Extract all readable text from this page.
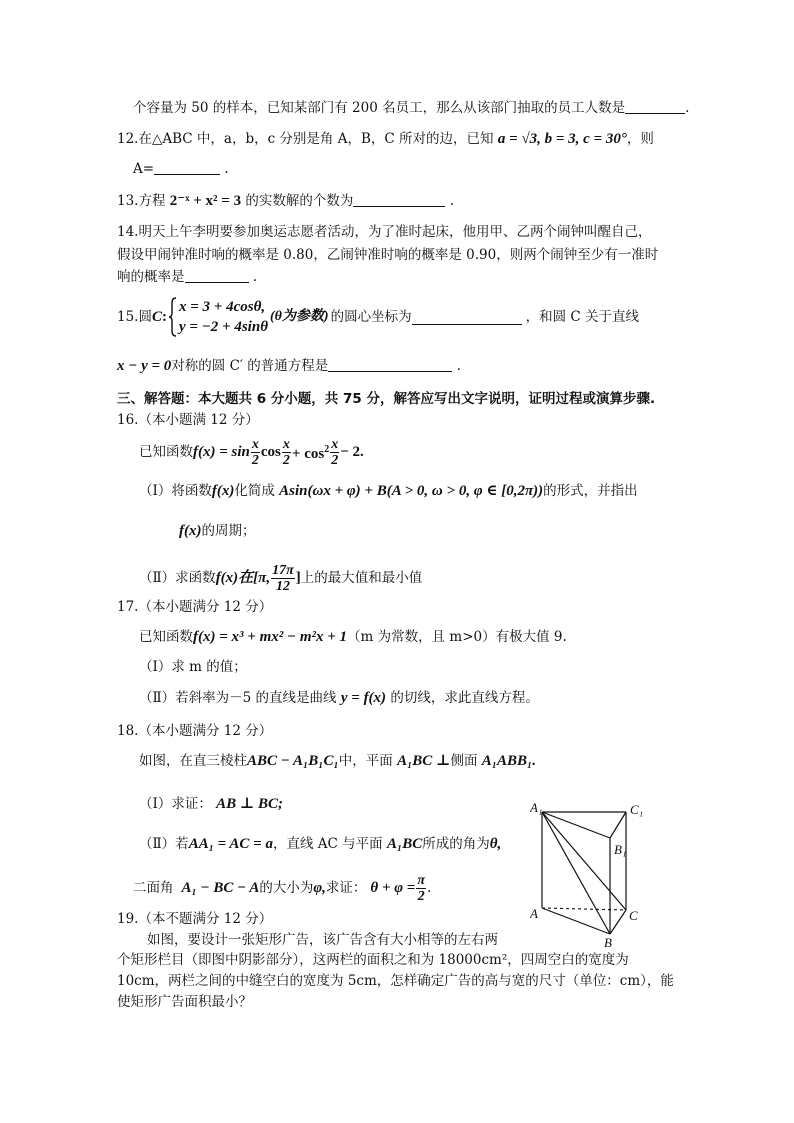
个容量为 50 的样本，已知某部门有 200 名员工，那么从该部门抽取的员工人数是	.
12.在△ABC 中，a，b，c 分别是角 A，B，C 所对的边，已知 a = √3, b = 3, c = 30°，则
A=	.
13.方程 2⁻ˣ + x² = 3 的实数解的个数为	.
14.明天上午李明要参加奥运志愿者活动，为了准时起床，他用甲、乙两个闹钟叫醒自己，
假设甲闹钟准时响的概率是 0.80，乙闹钟准时响的概率是 0.90，则两个闹钟至少有一准时
响的概率是	.
15.圆 C :
x = 3 + 4cosθ,
y = −2 + 4sinθ
(θ为参数) 的圆心坐标为	，和圆 C 关于直线
x − y = 0对称的圆 C′ 的普通方程是	.
三、解答题：本大题共 6 分小题，共 75 分，解答应写出文字说明，证明过程或演算步骤.
16.（本小题满 12 分）
已知函数 $f(x) = \sin \frac{x}{2}$ $\cos \frac{x}{2} + \cos^2 \frac{x}{2} - 2$.
（Ⅰ）将函数f(x)化简成 Asin(ωx + φ) + B(A > 0, ω > 0, φ ∈ [0,2π))的形式，并指出
f(x)的周期；
（Ⅱ）求函数 f(x)在[π, $\frac{17\pi}{12}$ ] 上的最大值和最小值
17.（本小题满分 12 分）
已知函数f(x) = x³ + mx² − m²x + 1（m 为常数，且 m>0）有极大值 9.
（Ⅰ）求 m 的值；
（Ⅱ）若斜率为－5 的直线是曲线 y = f(x) 的切线，求此直线方程。
18.（本小题满分 12 分）
如图，在直三棱柱ABC − A₁B₁C₁中，平面 A₁BC ⊥侧面 A₁ABB₁.
（Ⅰ）求证： AB ⊥ BC;
（Ⅱ）若AA₁ = AC = a，直线 AC 与平面 A₁BC所成的角为θ,
二面角 A₁ − BC − A 的大小为 φ, 求证： $\theta + \varphi = \frac{\pi}{2}$ .
A₁	C₁
B₁
A	C
B
19.（本不题满分 12 分）
如图，要设计一张矩形广告，该广告含有大小相等的左右两
个矩形栏目（即图中阴影部分），这两栏的面积之和为 18000cm²，四周空白的宽度为
10cm，两栏之间的中缝空白的宽度为 5cm，怎样确定广告的高与宽的尺寸（单位：cm），能
使矩形广告面积最小？
